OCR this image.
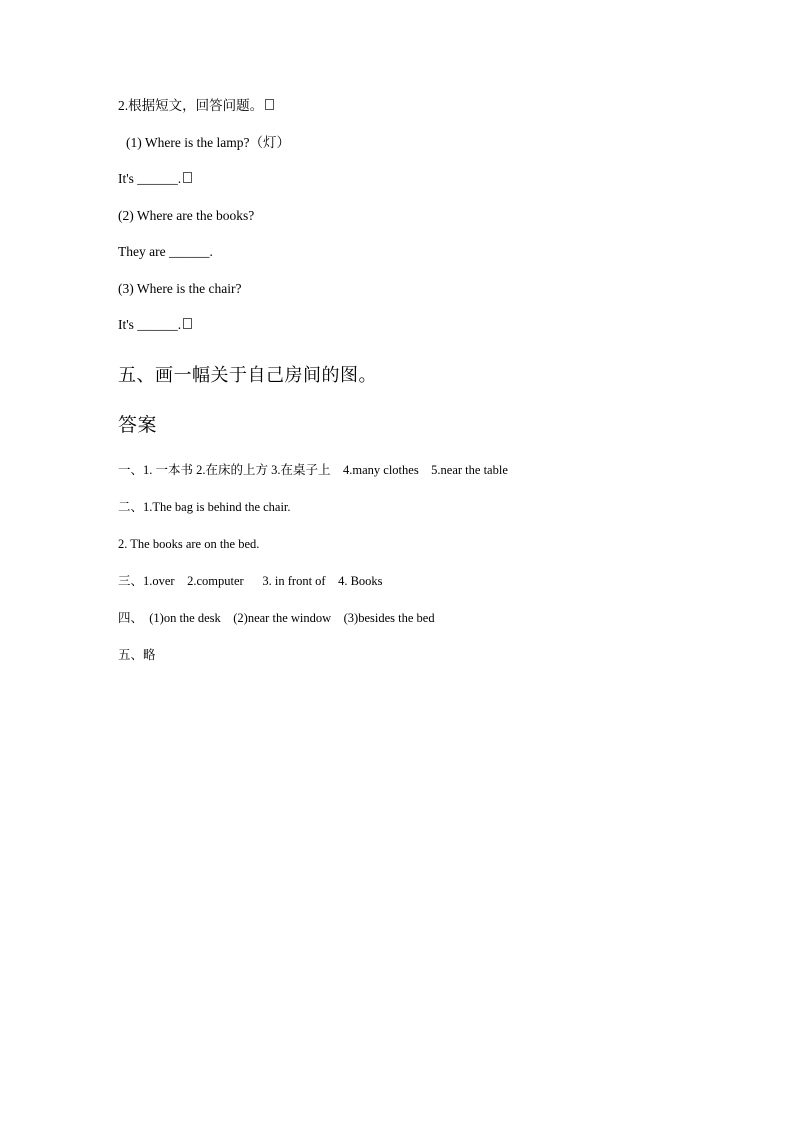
2.根据短文，回答问题。

(1) Where is the lamp?（灯）

It's ______.

(2) Where are the books?

They are ______.

(3) Where is the chair?

It's ______.

五、画一幅关于自己房间的图。

答案

一、1. 一本书 2.在床的上方 3.在桌子上    4.many clothes    5.near the table

二、1.The bag is behind the chair.

2. The books are on the bed.

三、1.over    2.computer      3. in front of    4. Books

四、  (1)on the desk    (2)near the window    (3)besides the bed

五、略
